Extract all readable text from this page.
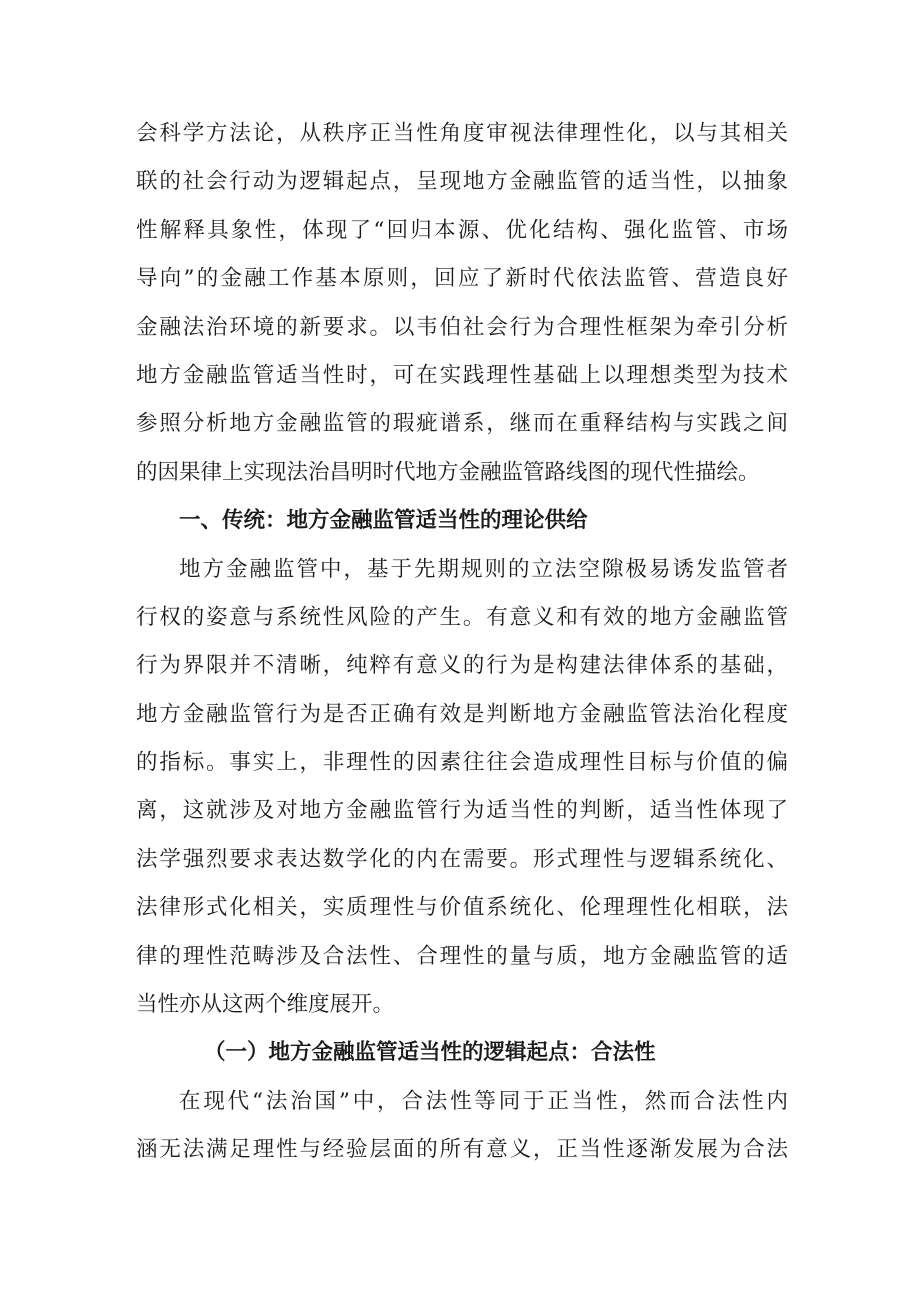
会科学方法论，从秩序正当性角度审视法律理性化，以与其相关
联的社会行动为逻辑起点，呈现地方金融监管的适当性，以抽象
性解释具象性，体现了“回归本源、优化结构、强化监管、市场
导向”的金融工作基本原则，回应了新时代依法监管、营造良好
金融法治环境的新要求。以韦伯社会行为合理性框架为牵引分析
地方金融监管适当性时，可在实践理性基础上以理想类型为技术
参照分析地方金融监管的瑕疵谱系，继而在重释结构与实践之间
的因果律上实现法治昌明时代地方金融监管路线图的现代性描绘。
一、传统：地方金融监管适当性的理论供给
地方金融监管中，基于先期规则的立法空隙极易诱发监管者
行权的姿意与系统性风险的产生。有意义和有效的地方金融监管
行为界限并不清晰，纯粹有意义的行为是构建法律体系的基础，
地方金融监管行为是否正确有效是判断地方金融监管法治化程度
的指标。事实上，非理性的因素往往会造成理性目标与价值的偏
离，这就涉及对地方金融监管行为适当性的判断，适当性体现了
法学强烈要求表达数学化的内在需要。形式理性与逻辑系统化、
法律形式化相关，实质理性与价值系统化、伦理理性化相联，法
律的理性范畴涉及合法性、合理性的量与质，地方金融监管的适
当性亦从这两个维度展开。
（一）地方金融监管适当性的逻辑起点：合法性
在现代“法治国”中，合法性等同于正当性，然而合法性内
涵无法满足理性与经验层面的所有意义，正当性逐渐发展为合法
